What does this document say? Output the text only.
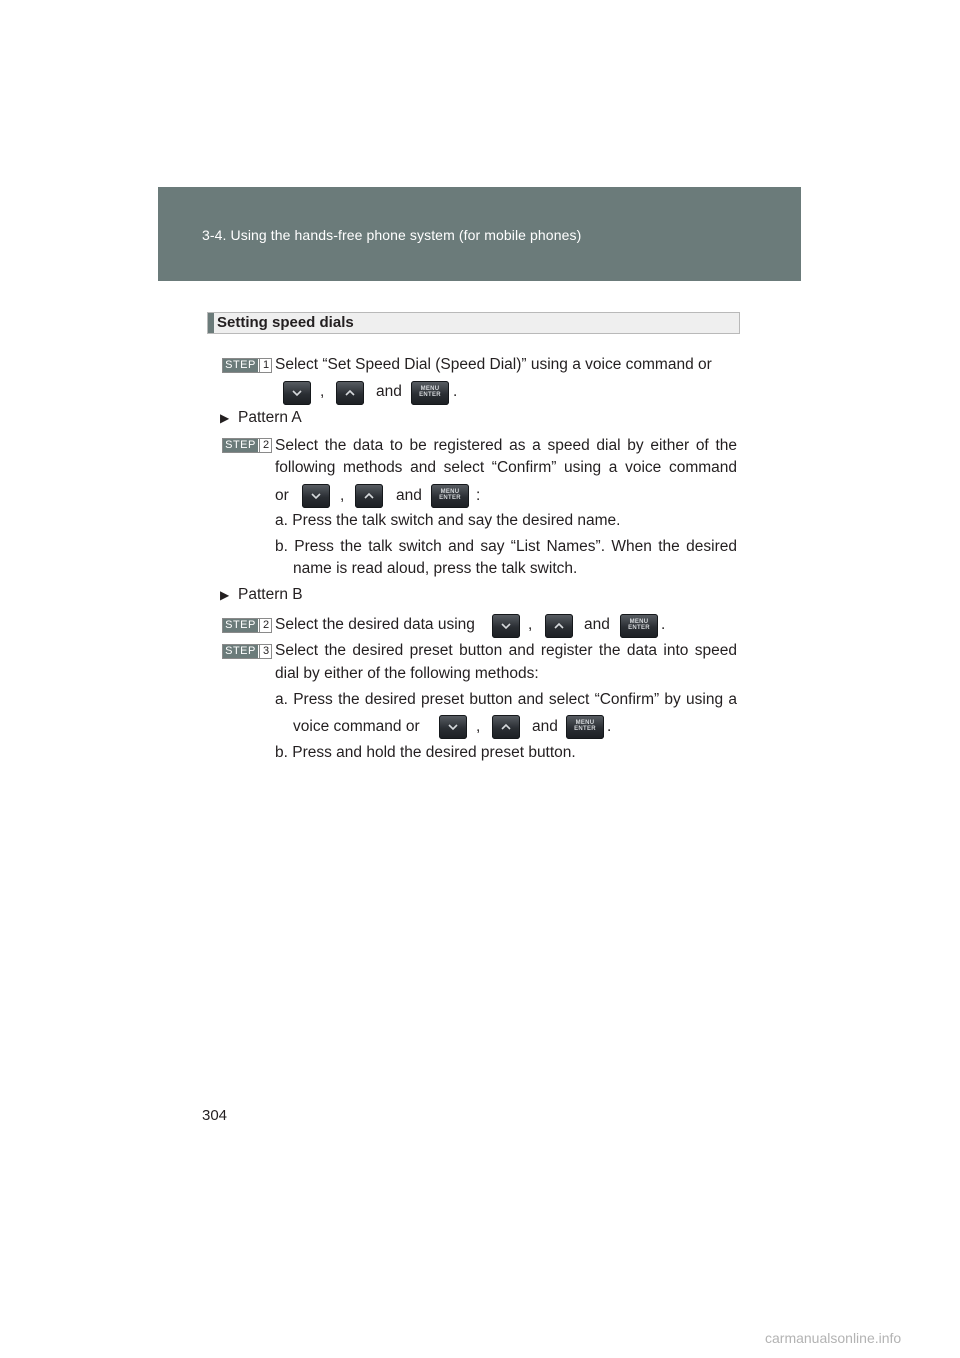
3-4. Using the hands-free phone system (for mobile phones)
Setting speed dials
STEP 1 Select “Set Speed Dial (Speed Dial)” using a voice command or
,	and	MENU
ENTER .
▶ Pattern A
STEP 2 Select the data to be registered as a speed dial by either of the
following methods and select “Confirm” using a voice command
or	,	and	MENU
ENTER :
a. Press the talk switch and say the desired name.
b. Press the talk switch and say “List Names”. When the desired
name is read aloud, press the talk switch.
▶ Pattern B
STEP 2 Select the desired data using	,	and	MENU
ENTER .
STEP 3 Select the desired preset button and register the data into speed
dial by either of the following methods:
a. Press the desired preset button and select “Confirm” by using a
voice command or	,	and	MENU
ENTER .
b. Press and hold the desired preset button.
304
carmanualsonline.info
